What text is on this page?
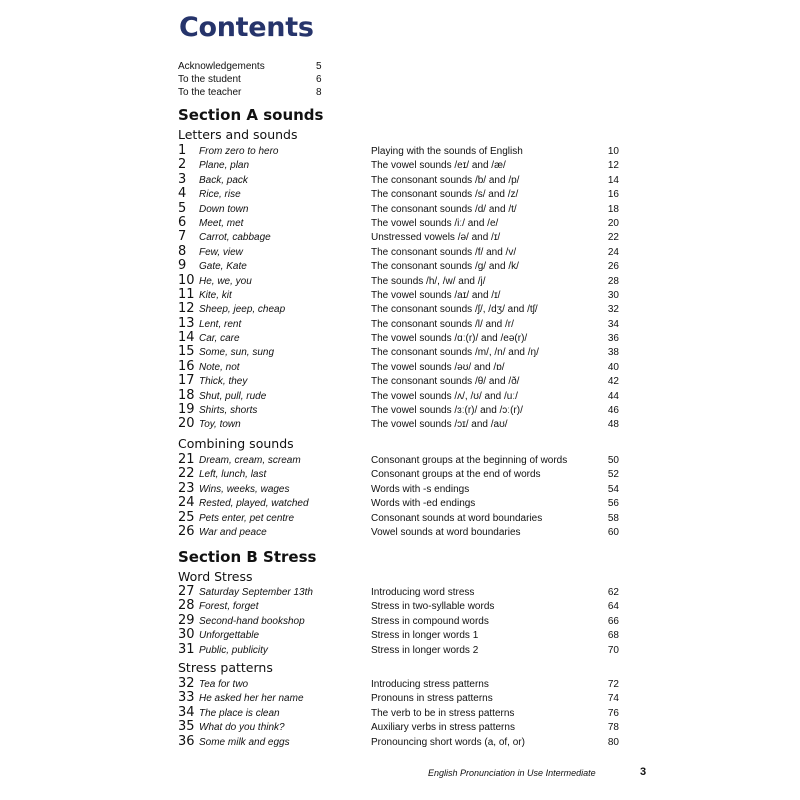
Contents
Acknowledgements	5
To the student	6
To the teacher	8
Section A sounds
Letters and sounds
1	From zero to hero	Playing with the sounds of English	10
2	Plane, plan	The vowel sounds /eɪ/ and /æ/	12
3	Back, pack	The consonant sounds /b/ and /p/	14
4	Rice, rise	The consonant sounds /s/ and /z/	16
5	Down town	The consonant sounds /d/ and /t/	18
6	Meet, met	The vowel sounds /iː/ and /e/	20
7	Carrot, cabbage	Unstressed vowels /ə/ and /ɪ/	22
8	Few, view	The consonant sounds /f/ and /v/	24
9	Gate, Kate	The consonant sounds /g/ and /k/	26
10 He, we, you	The sounds /h/, /w/ and /j/	28
11 Kite, kit	The vowel sounds /aɪ/ and /ɪ/	30
12 Sheep, jeep, cheap	The consonant sounds /ʃ/, /dʒ/ and /tʃ/	32
13 Lent, rent	The consonant sounds /l/ and /r/	34
14 Car, care	The vowel sounds /ɑː(r)/ and /eə(r)/	36
15 Some, sun, sung	The consonant sounds /m/, /n/ and /ŋ/	38
16 Note, not	The vowel sounds /əʊ/ and /ɒ/	40
17 Thick, they	The consonant sounds /θ/ and /ð/	42
18 Shut, pull, rude	The vowel sounds /ʌ/, /ʊ/ and /uː/	44
19 Shirts, shorts	The vowel sounds /ɜː(r)/ and /ɔː(r)/	46
20 Toy, town	The vowel sounds /ɔɪ/ and /aʊ/	48
Combining sounds
21 Dream, cream, scream	Consonant groups at the beginning of words	50
22 Left, lunch, last	Consonant groups at the end of words	52
23 Wins, weeks, wages	Words with -s endings	54
24 Rested, played, watched	Words with -ed endings	56
25 Pets enter, pet centre	Consonant sounds at word boundaries	58
26 War and peace	Vowel sounds at word boundaries	60
Section B Stress
Word Stress
27 Saturday September 13th	Introducing word stress	62
28 Forest, forget	Stress in two-syllable words	64
29 Second-hand bookshop	Stress in compound words	66
30 Unforgettable	Stress in longer words 1	68
31 Public, publicity	Stress in longer words 2	70
Stress patterns
32 Tea for two	Introducing stress patterns	72
33 He asked her her name	Pronouns in stress patterns	74
34 The place is clean	The verb to be in stress patterns	76
35 What do you think?	Auxiliary verbs in stress patterns	78
36 Some milk and eggs	Pronouncing short words (a, of, or)	80
English Pronunciation in Use Intermediate	3
